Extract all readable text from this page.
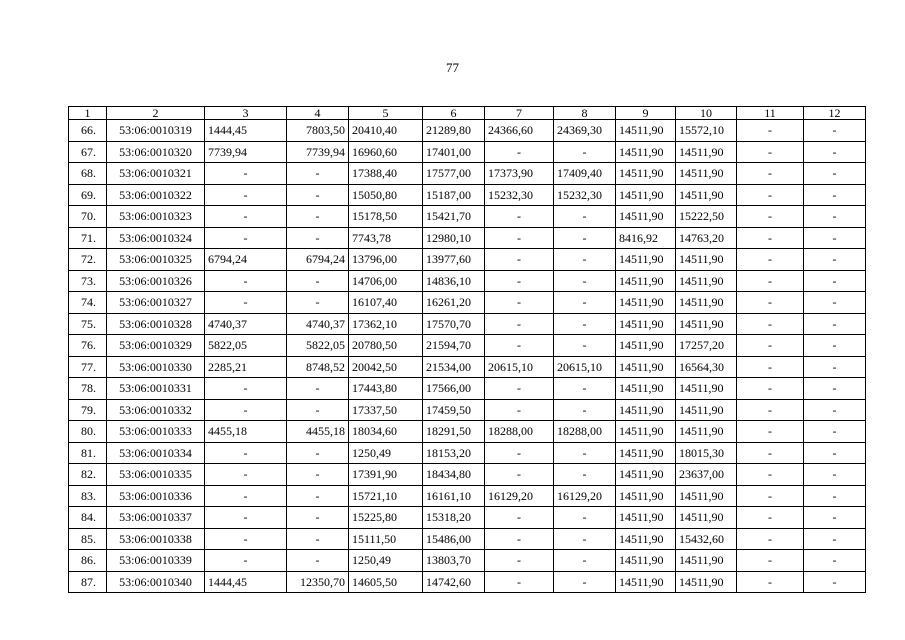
77
1	2	3	4	5	6	7	8	9	10	11	12
66.	53:06:0010319	1444,45	7803,50	20410,40	21289,80	24366,60	24369,30	14511,90	15572,10	-	-
67.	53:06:0010320	7739,94	7739,94	16960,60	17401,00	-	-	14511,90	14511,90	-	-
68.	53:06:0010321	-	-	17388,40	17577,00	17373,90	17409,40	14511,90	14511,90	-	-
69.	53:06:0010322	-	-	15050,80	15187,00	15232,30	15232,30	14511,90	14511,90	-	-
70.	53:06:0010323	-	-	15178,50	15421,70	-	-	14511,90	15222,50	-	-
71.	53:06:0010324	-	-	7743,78	12980,10	-	-	8416,92	14763,20	-	-
72.	53:06:0010325	6794,24	6794,24	13796,00	13977,60	-	-	14511,90	14511,90	-	-
73.	53:06:0010326	-	-	14706,00	14836,10	-	-	14511,90	14511,90	-	-
74.	53:06:0010327	-	-	16107,40	16261,20	-	-	14511,90	14511,90	-	-
75.	53:06:0010328	4740,37	4740,37	17362,10	17570,70	-	-	14511,90	14511,90	-	-
76.	53:06:0010329	5822,05	5822,05	20780,50	21594,70	-	-	14511,90	17257,20	-	-
77.	53:06:0010330	2285,21	8748,52	20042,50	21534,00	20615,10	20615,10	14511,90	16564,30	-	-
78.	53:06:0010331	-	-	17443,80	17566,00	-	-	14511,90	14511,90	-	-
79.	53:06:0010332	-	-	17337,50	17459,50	-	-	14511,90	14511,90	-	-
80.	53:06:0010333	4455,18	4455,18	18034,60	18291,50	18288,00	18288,00	14511,90	14511,90	-	-
81.	53:06:0010334	-	-	1250,49	18153,20	-	-	14511,90	18015,30	-	-
82.	53:06:0010335	-	-	17391,90	18434,80	-	-	14511,90	23637,00	-	-
83.	53:06:0010336	-	-	15721,10	16161,10	16129,20	16129,20	14511,90	14511,90	-	-
84.	53:06:0010337	-	-	15225,80	15318,20	-	-	14511,90	14511,90	-	-
85.	53:06:0010338	-	-	15111,50	15486,00	-	-	14511,90	15432,60	-	-
86.	53:06:0010339	-	-	1250,49	13803,70	-	-	14511,90	14511,90	-	-
87.	53:06:0010340	1444,45	12350,70	14605,50	14742,60	-	-	14511,90	14511,90	-	-
